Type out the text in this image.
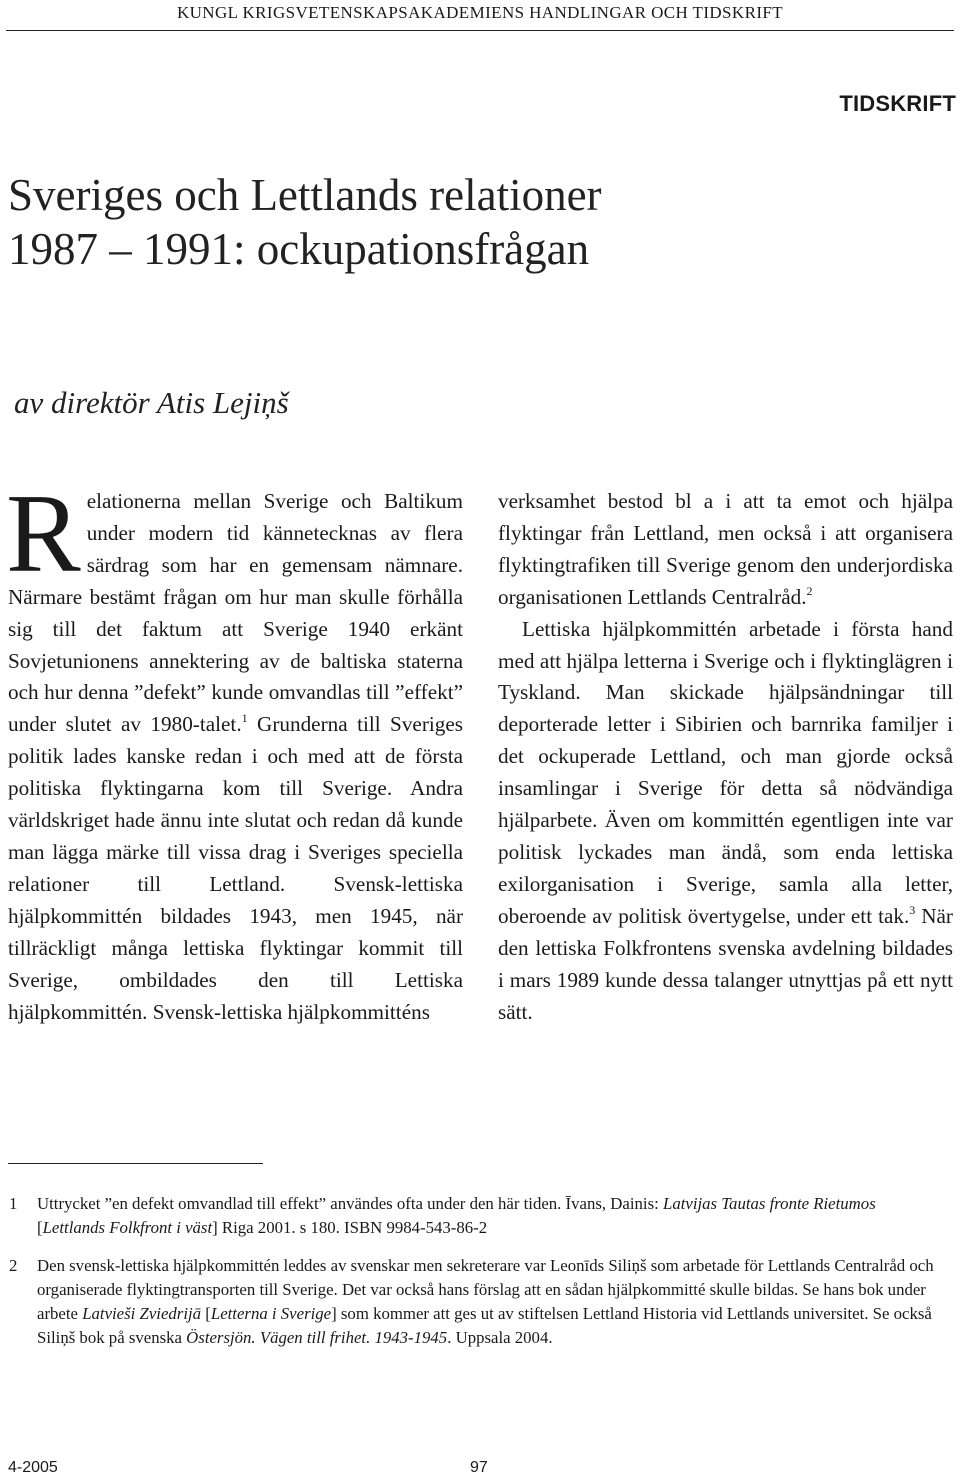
KUNGL KRIGSVETENSKAPSAKADEMIENS HANDLINGAR OCH TIDSKRIFT
TIDSKRIFT
Sveriges och Lettlands relationer
1987 – 1991: ockupationsfrågan
av direktör Atis Lejiņš

Relationerna mellan Sverige och Baltikum under modern tid kännetecknas av flera särdrag som har en gemensam nämnare. Närmare bestämt frågan om hur man skulle förhålla sig till det faktum att Sverige 1940 erkänt Sovjetunionens annektering av de baltiska staterna och hur denna ”defekt” kunde omvandlas till ”effekt” under slutet av 1980-talet.$^1$ Grunderna till Sveriges politik lades kanske redan i och med att de första politiska flyktingarna kom till Sverige. Andra världskriget hade ännu inte slutat och redan då kunde man lägga märke till vissa drag i Sveriges speciella relationer till Lettland. Svensk-lettiska hjälpkommittén bildades 1943, men 1945, när tillräckligt många lettiska flyktingar kommit till Sverige, ombildades den till Lettiska hjälpkommittén. Svensk-lettiska hjälpkommitténs

verksamhet bestod bl a i att ta emot och hjälpa flyktingar från Lettland, men också i att organisera flyktingtrafiken till Sverige genom den underjordiska organisationen Lettlands Centralråd.$^2$

Lettiska hjälpkommittén arbetade i första hand med att hjälpa letterna i Sverige och i flyktinglägren i Tyskland. Man skickade hjälpsändningar till deporterade letter i Sibirien och barnrika familjer i det ockuperade Lettland, och man gjorde också insamlingar i Sverige för detta så nödvändiga hjälparbete. Även om kommittén egentligen inte var politisk lyckades man ändå, som enda lettiska exilorganisation i Sverige, samla alla letter, oberoende av politisk övertygelse, under ett tak.$^3$ När den lettiska Folkfrontens svenska avdelning bildades i mars 1989 kunde dessa talanger utnyttjas på ett nytt sätt.

1 Uttrycket ”en defekt omvandlad till effekt” användes ofta under den här tiden. Īvans, Dainis: Latvijas Tautas fronte Rietumos [Lettlands Folkfront i väst] Riga 2001. s 180. ISBN 9984-543-86-2
2 Den svensk-lettiska hjälpkommittén leddes av svenskar men sekreterare var Leonīds Siliņš som arbetade för Lettlands Centralråd och organiserade flyktingtransporten till Sverige. Det var också hans förslag att en sådan hjälpkommitté skulle bildas. Se hans bok under arbete Latvieši Zviedrijā [Letterna i Sverige] som kommer att ges ut av stiftelsen Lettland Historia vid Lettlands universitet. Se också Siliņš bok på svenska Östersjön. Vägen till frihet. 1943-1945. Uppsala 2004.
4-2005	97
